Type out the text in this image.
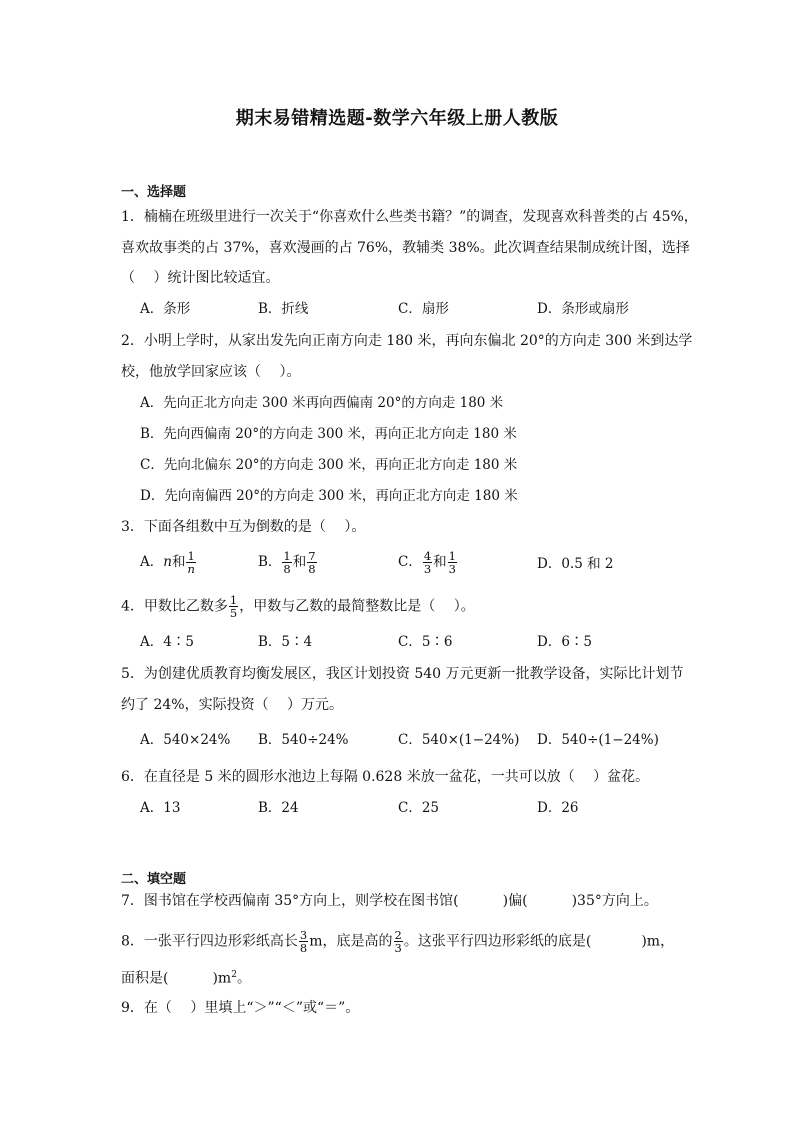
期末易错精选题-数学六年级上册人教版
一、选择题
1．楠楠在班级里进行一次关于“你喜欢什么些类书籍？”的调查，发现喜欢科普类的占 45%，
喜欢故事类的占 37%，喜欢漫画的占 76%，教辅类 38%。此次调查结果制成统计图，选择
（　 ）统计图比较适宜。
A．条形	B．折线	C．扇形	D．条形或扇形
2．小明上学时，从家出发先向正南方向走 180 米，再向东偏北 20°的方向走 300 米到达学
校，他放学回家应该（　 ）。
A．先向正北方向走 300 米再向西偏南 20°的方向走 180 米
B．先向西偏南 20°的方向走 300 米，再向正北方向走 180 米
C．先向北偏东 20°的方向走 300 米，再向正北方向走 180 米
D．先向南偏西 20°的方向走 300 米，再向正北方向走 180 米
3．下面各组数中互为倒数的是（　 ）。
A．n和 $\frac{1}{n}$	B． $\frac{1}{8}$ 和 $\frac{7}{8}$	C． $\frac{4}{3}$ 和 $\frac{1}{3}$	D．0.5 和 2
4．甲数比乙数多 $\frac{1}{5}$ ，甲数与乙数的最简整数比是（　 ）。
A．4∶5	B．5∶4	C．5∶6	D．6∶5
5．为创建优质教育均衡发展区，我区计划投资 540 万元更新一批教学设备，实际比计划节
约了 24%，实际投资（　 ）万元。
A．540×24% B．540÷24%	C．540×(1−24%) D．540÷(1−24%)
6．在直径是 5 米的圆形水池边上每隔 0.628 米放一盆花，一共可以放（　 ）盆花。
A．13	B．24	C．25	D．26
二、填空题
7．图书馆在学校西偏南 35°方向上，则学校在图书馆(	)偏(	)35°方向上。
8．一张平行四边形彩纸高长 $\frac{3}{8}$ m，底是高的 $\frac{2}{3}$ 。这张平行四边形彩纸的底是(	)m，
面积是(	)$m^2$。
9．在（　 ）里填上“＞”“＜”或“＝”。
